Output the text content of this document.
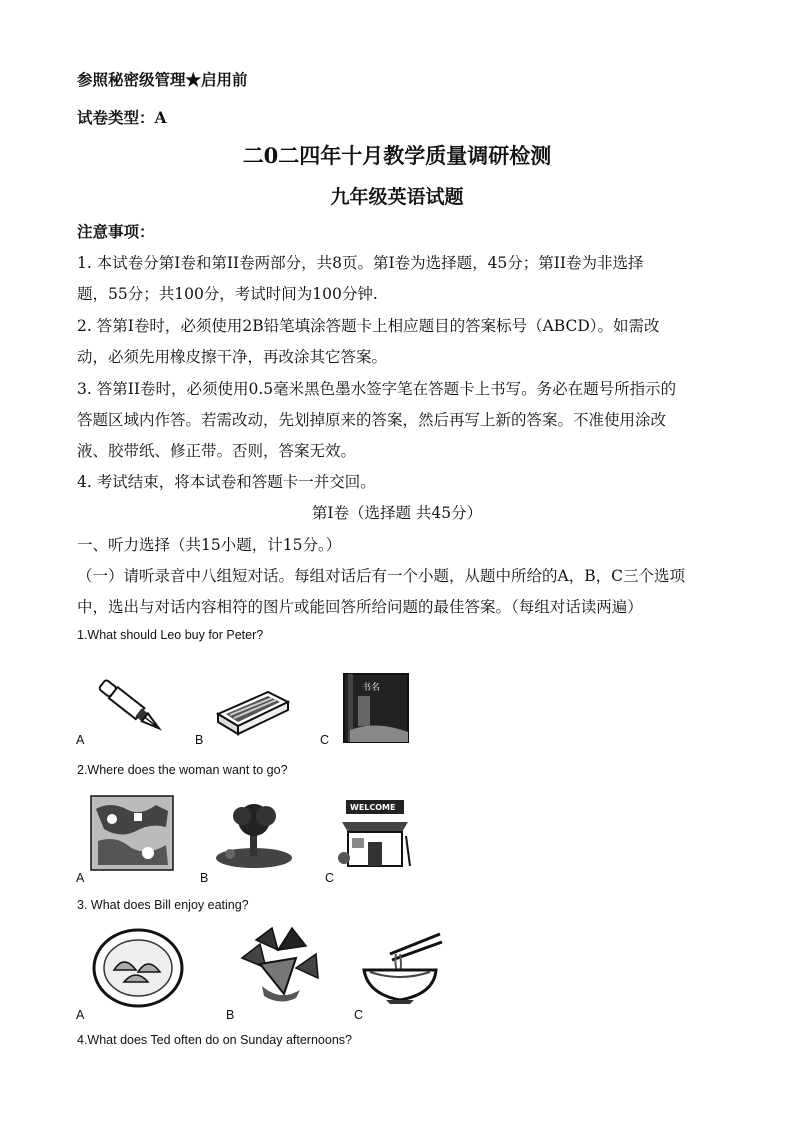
参照秘密级管理★启用前
试卷类型：A
二0二四年十月教学质量调研检测
九年级英语试题
注意事项：
1. 本试卷分第I卷和第II卷两部分，共8页。第I卷为选择题，45分；第II卷为非选择
题，55分；共100分，考试时间为100分钟.
2. 答第I卷时，必须使用2B铅笔填涂答题卡上相应题目的答案标号（ABCD）。如需改
动，必须先用橡皮擦干净，再改涂其它答案。
3. 答第II卷时，必须使用0.5毫米黑色墨水签字笔在答题卡上书写。务必在题号所指示的
答题区域内作答。若需改动，先划掉原来的答案，然后再写上新的答案。不准使用涂改
液、胶带纸、修正带。否则，答案无效。
4. 考试结束，将本试卷和答题卡一并交回。
第I卷（选择题 共45分）
一、听力选择（共15小题，计15分。）
（一）请听录音中八组短对话。每组对话后有一个小题，从题中所给的A，B，C三个选项
中，选出与对话内容相符的图片或能回答所给问题的最佳答案。（每组对话读两遍）
1.What should Leo buy for Peter?
A	B
书名
C
2.Where does the woman want to go?
A	B
WELCOME
C
3. What does Bill enjoy eating?
A	B	C
4.What does Ted often do on Sunday afternoons?
